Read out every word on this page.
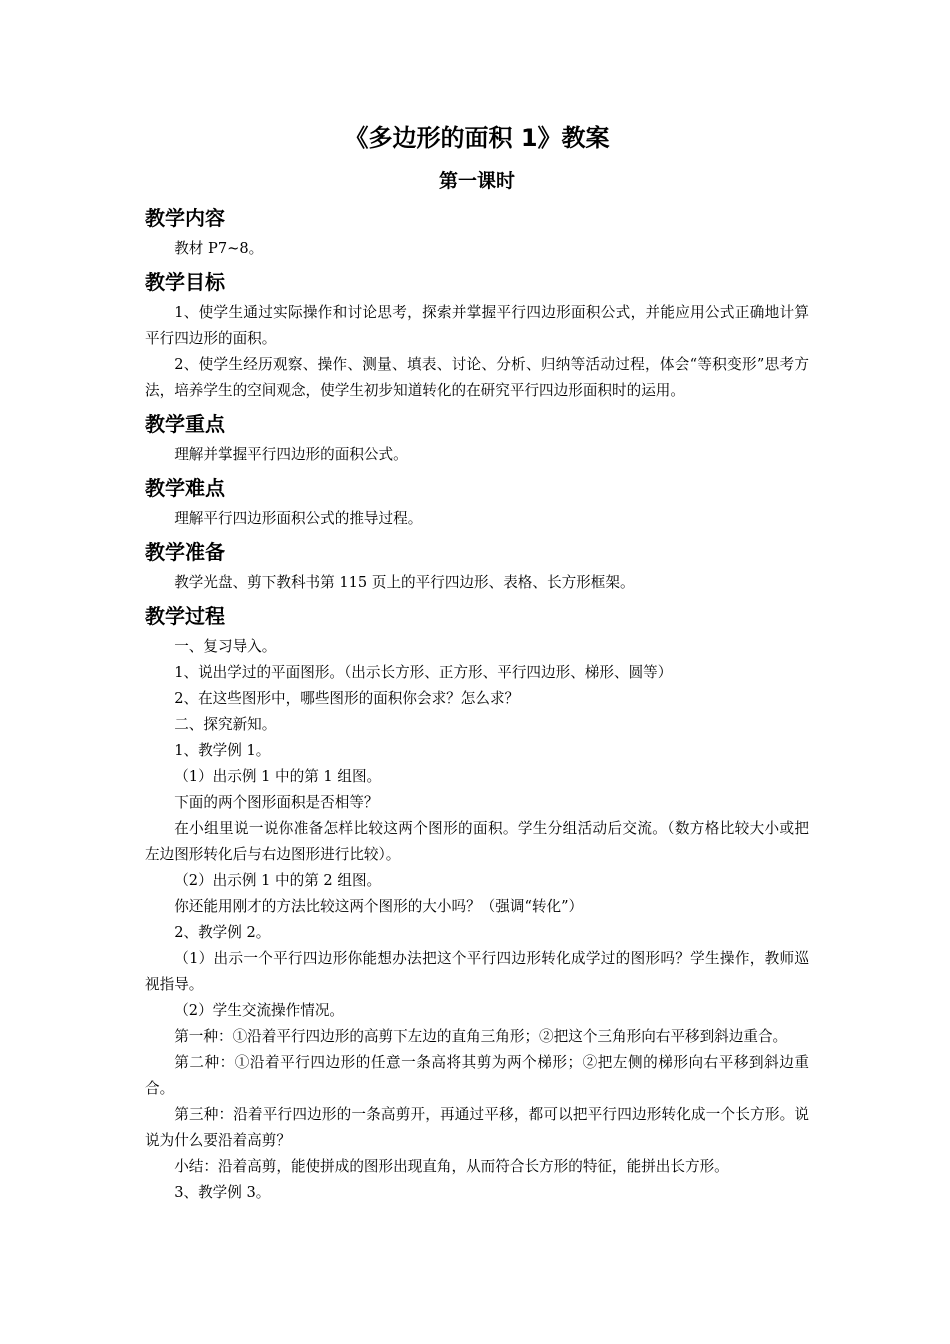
《多边形的面积 1》教案
第一课时
教学内容

教材 P7~8。

教学目标

1、使学生通过实际操作和讨论思考，探索并掌握平行四边形面积公式，并能应用公式正确地计算平行四边形的面积。

2、使学生经历观察、操作、测量、填表、讨论、分析、归纳等活动过程，体会“等积变形”思考方法，培养学生的空间观念，使学生初步知道转化的在研究平行四边形面积时的运用。

教学重点

理解并掌握平行四边形的面积公式。

教学难点

理解平行四边形面积公式的推导过程。

教学准备

教学光盘、剪下教科书第 115 页上的平行四边形、表格、长方形框架。

教学过程

一、复习导入。

1、说出学过的平面图形。（出示长方形、正方形、平行四边形、梯形、圆等）

2、在这些图形中，哪些图形的面积你会求？怎么求？

二、探究新知。

1、教学例 1。

（1）出示例 1 中的第 1 组图。

下面的两个图形面积是否相等？

在小组里说一说你准备怎样比较这两个图形的面积。学生分组活动后交流。（数方格比较大小或把左边图形转化后与右边图形进行比较）。

（2）出示例 1 中的第 2 组图。

你还能用刚才的方法比较这两个图形的大小吗？（强调“转化”）

2、教学例 2。

（1）出示一个平行四边形你能想办法把这个平行四边形转化成学过的图形吗？学生操作，教师巡视指导。

（2）学生交流操作情况。

第一种：①沿着平行四边形的高剪下左边的直角三角形；②把这个三角形向右平移到斜边重合。

第二种：①沿着平行四边形的任意一条高将其剪为两个梯形；②把左侧的梯形向右平移到斜边重合。

第三种：沿着平行四边形的一条高剪开，再通过平移，都可以把平行四边形转化成一个长方形。说说为什么要沿着高剪？

小结：沿着高剪，能使拼成的图形出现直角，从而符合长方形的特征，能拼出长方形。

3、教学例 3。
